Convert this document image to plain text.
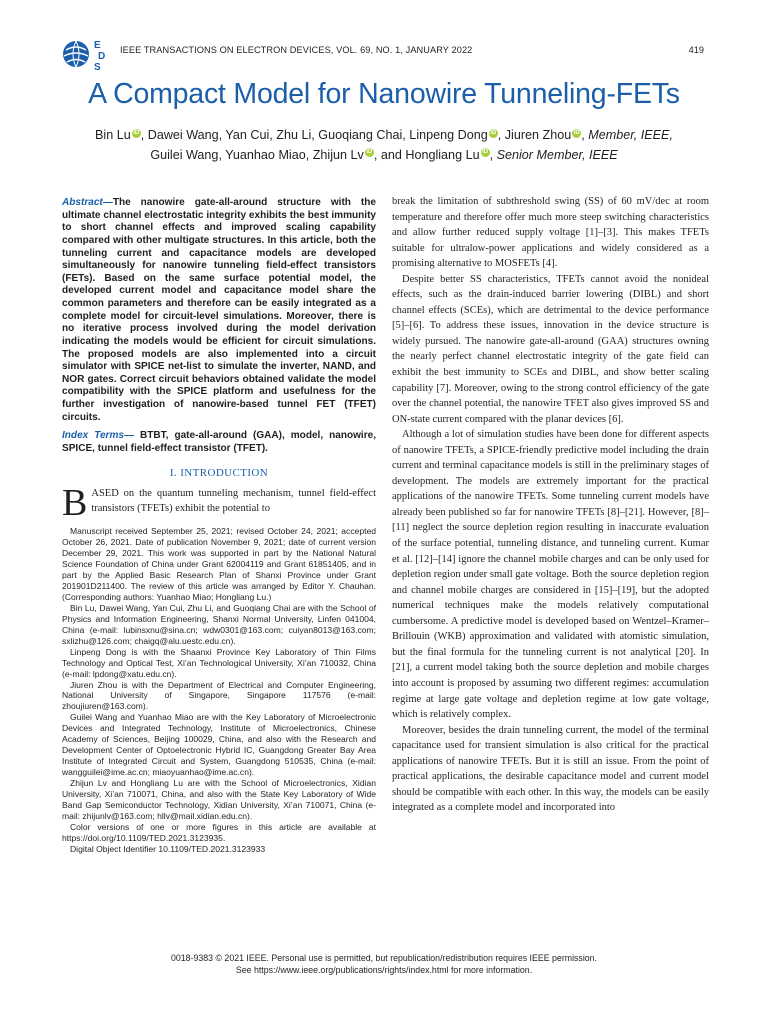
E
D
S
IEEE TRANSACTIONS ON ELECTRON DEVICES, VOL. 69, NO. 1, JANUARY 2022	419
A Compact Model for Nanowire Tunneling-FETs
Bin Lu iD , Dawei Wang, Yan Cui, Zhu Li, Guoqiang Chai, Linpeng Dong iD , Jiuren Zhou iD , Member, IEEE,
Guilei Wang, Yuanhao Miao, Zhijun Lv iD , and Hongliang Lu iD , Senior Member, IEEE
Abstract—The nanowire gate-all-around structure with the ultimate channel electrostatic integrity exhibits the best immunity to short channel effects and improved scaling capability compared with other multigate structures. In this article, both the tunneling current and capacitance models are developed simultaneously for nanowire tunneling field-effect transistors (FETs). Based on the same surface potential model, the developed current model and capacitance model share the common parameters and therefore can be easily integrated as a complete model for circuit-level simulations. Moreover, there is no iterative process involved during the model derivation indicating the models would be efficient for circuit simulations. The proposed models are also implemented into a circuit simulator with SPICE net-list to simulate the inverter, NAND, and NOR gates. Correct circuit behaviors obtained validate the model compatibility with the SPICE platform and usefulness for the further investigation of nanowire-based tunnel FET (TFET) circuits.
Index Terms— BTBT, gate-all-around (GAA), model, nanowire, SPICE, tunnel field-effect transistor (TFET).
I. INTRODUCTION
BASED on the quantum tunneling mechanism, tunnel field-effect transistors (TFETs) exhibit the potential to

Manuscript received September 25, 2021; revised October 24, 2021; accepted October 26, 2021. Date of publication November 9, 2021; date of current version December 29, 2021. This work was supported in part by the National Natural Science Foundation of China under Grant 62004119 and Grant 61851405, and in part by the Applied Basic Research Plan of Shanxi Province under Grant 201901D211400. The review of this article was arranged by Editor Y. Chauhan. (Corresponding authors: Yuanhao Miao; Hongliang Lu.)

Bin Lu, Dawei Wang, Yan Cui, Zhu Li, and Guoqiang Chai are with the School of Physics and Information Engineering, Shanxi Normal University, Linfen 041004, China (e-mail: lubinsxnu@sina.cn; wdw0301@163.com; cuiyan8013@163.com; sxlizhu@126.com; chaigq@alu.uestc.edu.cn).

Linpeng Dong is with the Shaanxi Province Key Laboratory of Thin Films Technology and Optical Test, Xi’an Technological University, Xi’an 710032, China (e-mail: lpdong@xatu.edu.cn).

Jiuren Zhou is with the Department of Electrical and Computer Engineering, National University of Singapore, Singapore 117576 (e-mail: zhoujiuren@163.com).

Guilei Wang and Yuanhao Miao are with the Key Laboratory of Microelectronic Devices and Integrated Technology, Institute of Microelectronics, Chinese Academy of Sciences, Beijing 100029, China, and also with the Research and Development Center of Optoelectronic Hybrid IC, Guangdong Greater Bay Area Institute of Integrated Circuit and System, Guangdong 510535, China (e-mail: wangguilei@ime.ac.cn; miaoyuanhao@ime.ac.cn).

Zhijun Lv and Hongliang Lu are with the School of Microelectronics, Xidian University, Xi’an 710071, China, and also with the State Key Laboratory of Wide Band Gap Semiconductor Technology, Xidian University, Xi’an 710071, China (e-mail: zhijunlv@163.com; hllv@mail.xidian.edu.cn).

Color versions of one or more figures in this article are available at https://doi.org/10.1109/TED.2021.3123935.

Digital Object Identifier 10.1109/TED.2021.3123933

break the limitation of subthreshold swing (SS) of 60 mV/dec at room temperature and therefore offer much more steep switching characteristics and allow further reduced supply voltage [1]–[3]. This makes TFETs suitable for ultralow-power applications and widely considered as a promising alternative to MOSFETs [4].

Despite better SS characteristics, TFETs cannot avoid the nonideal effects, such as the drain-induced barrier lowering (DIBL) and short channel effects (SCEs), which are detrimental to the device performance [5]–[6]. To address these issues, innovation in the device structure is widely pursued. The nanowire gate-all-around (GAA) structures owning the nearly perfect channel electrostatic integrity of the gate field can exhibit the best immunity to SCEs and DIBL, and show better scaling capability [7]. Moreover, owing to the strong control efficiency of the gate over the channel potential, the nanowire TFET also gives improved SS and ON-state current compared with the planar devices [6].

Although a lot of simulation studies have been done for different aspects of nanowire TFETs, a SPICE-friendly predictive model including the drain current and terminal capacitance models is still in the preliminary stages of development. The models are extremely important for the practical applications of the nanowire TFETs. Some tunneling current models have already been published so far for nanowire TFETs [8]–[21]. However, [8]–[11] neglect the source depletion region resulting in inaccurate evaluation of the surface potential, tunneling distance, and tunneling current. Kumar et al. [12]–[14] ignore the channel mobile charges and can be only used for depletion region under small gate voltage. Both the source depletion region and channel mobile charges are considered in [15]–[19], but the adopted numerical techniques make the models relatively computational cumbersome. A predictive model is developed based on Wentzel–Kramer–Brillouin (WKB) approximation and validated with atomistic simulation, but the final formula for the tunneling current is not analytical [20]. In [21], a current model taking both the source depletion and mobile charges into account is proposed by assuming two different regimes: accumulation regime at large gate voltage and depletion regime at low gate voltage, which is relatively complex.

Moreover, besides the drain tunneling current, the model of the terminal capacitance used for transient simulation is also critical for the practical applications of nanowire TFETs. But it is still an issue. From the point of practical applications, the desirable capacitance model and current model should be compatible with each other. In this way, the models can be easily integrated as a complete model and incorporated into

0018-9383 © 2021 IEEE. Personal use is permitted, but republication/redistribution requires IEEE permission.
See https://www.ieee.org/publications/rights/index.html for more information.
